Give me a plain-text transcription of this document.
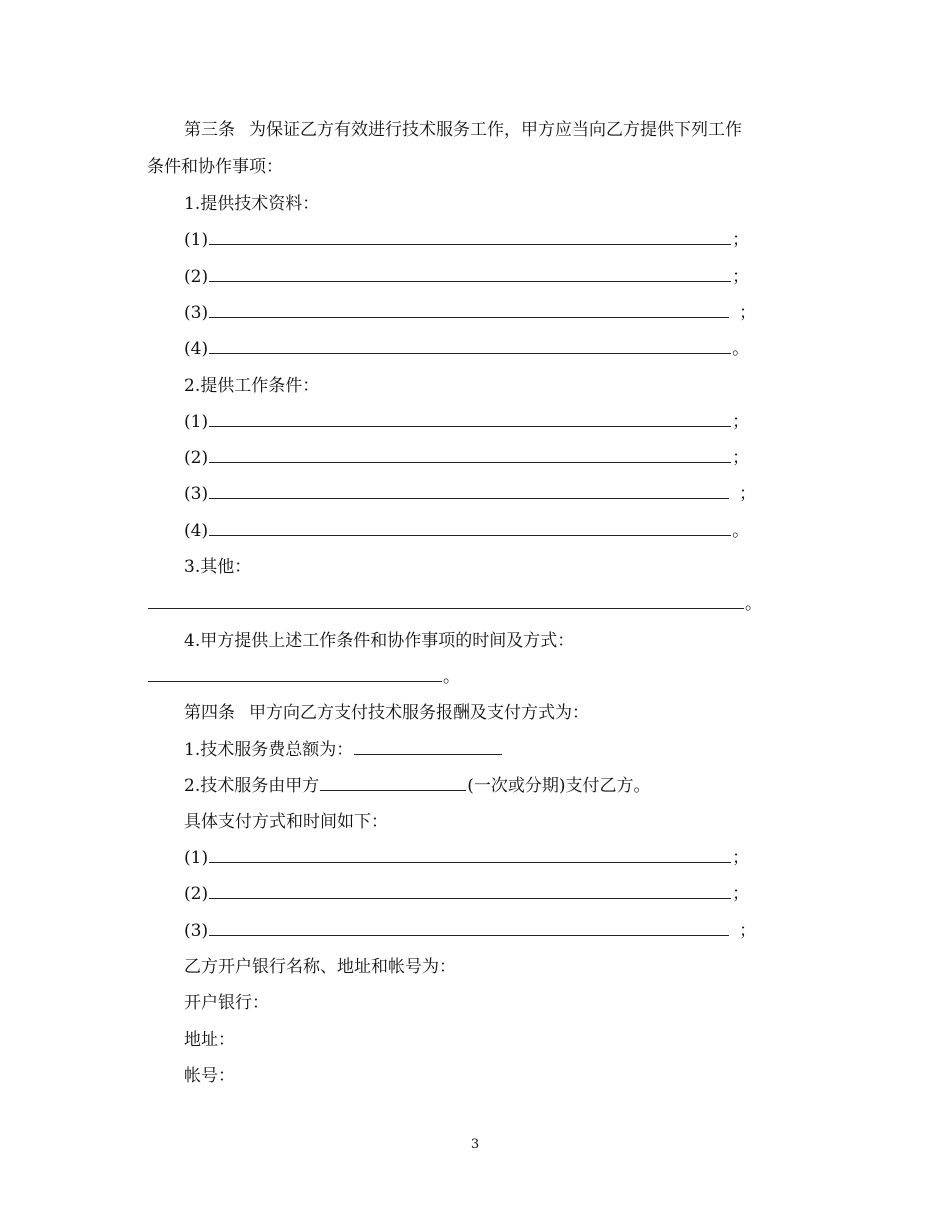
第三条 为保证乙方有效进行技术服务工作，甲方应当向乙方提供下列工作
条件和协作事项：
1.提供技术资料：
(1)	；
(2)	；
(3)	；
(4)	。
2.提供工作条件：
(1)	；
(2)	；
(3)	；
(4)	。
3.其他：
。
4.甲方提供上述工作条件和协作事项的时间及方式：
。
第四条 甲方向乙方支付技术服务报酬及支付方式为：
1.技术服务费总额为：
2.技术服务由甲方	(一次或分期)支付乙方。
具体支付方式和时间如下：
(1)	；
(2)	；
(3)	；
乙方开户银行名称、地址和帐号为：
开户银行：
地址：
帐号：
3
